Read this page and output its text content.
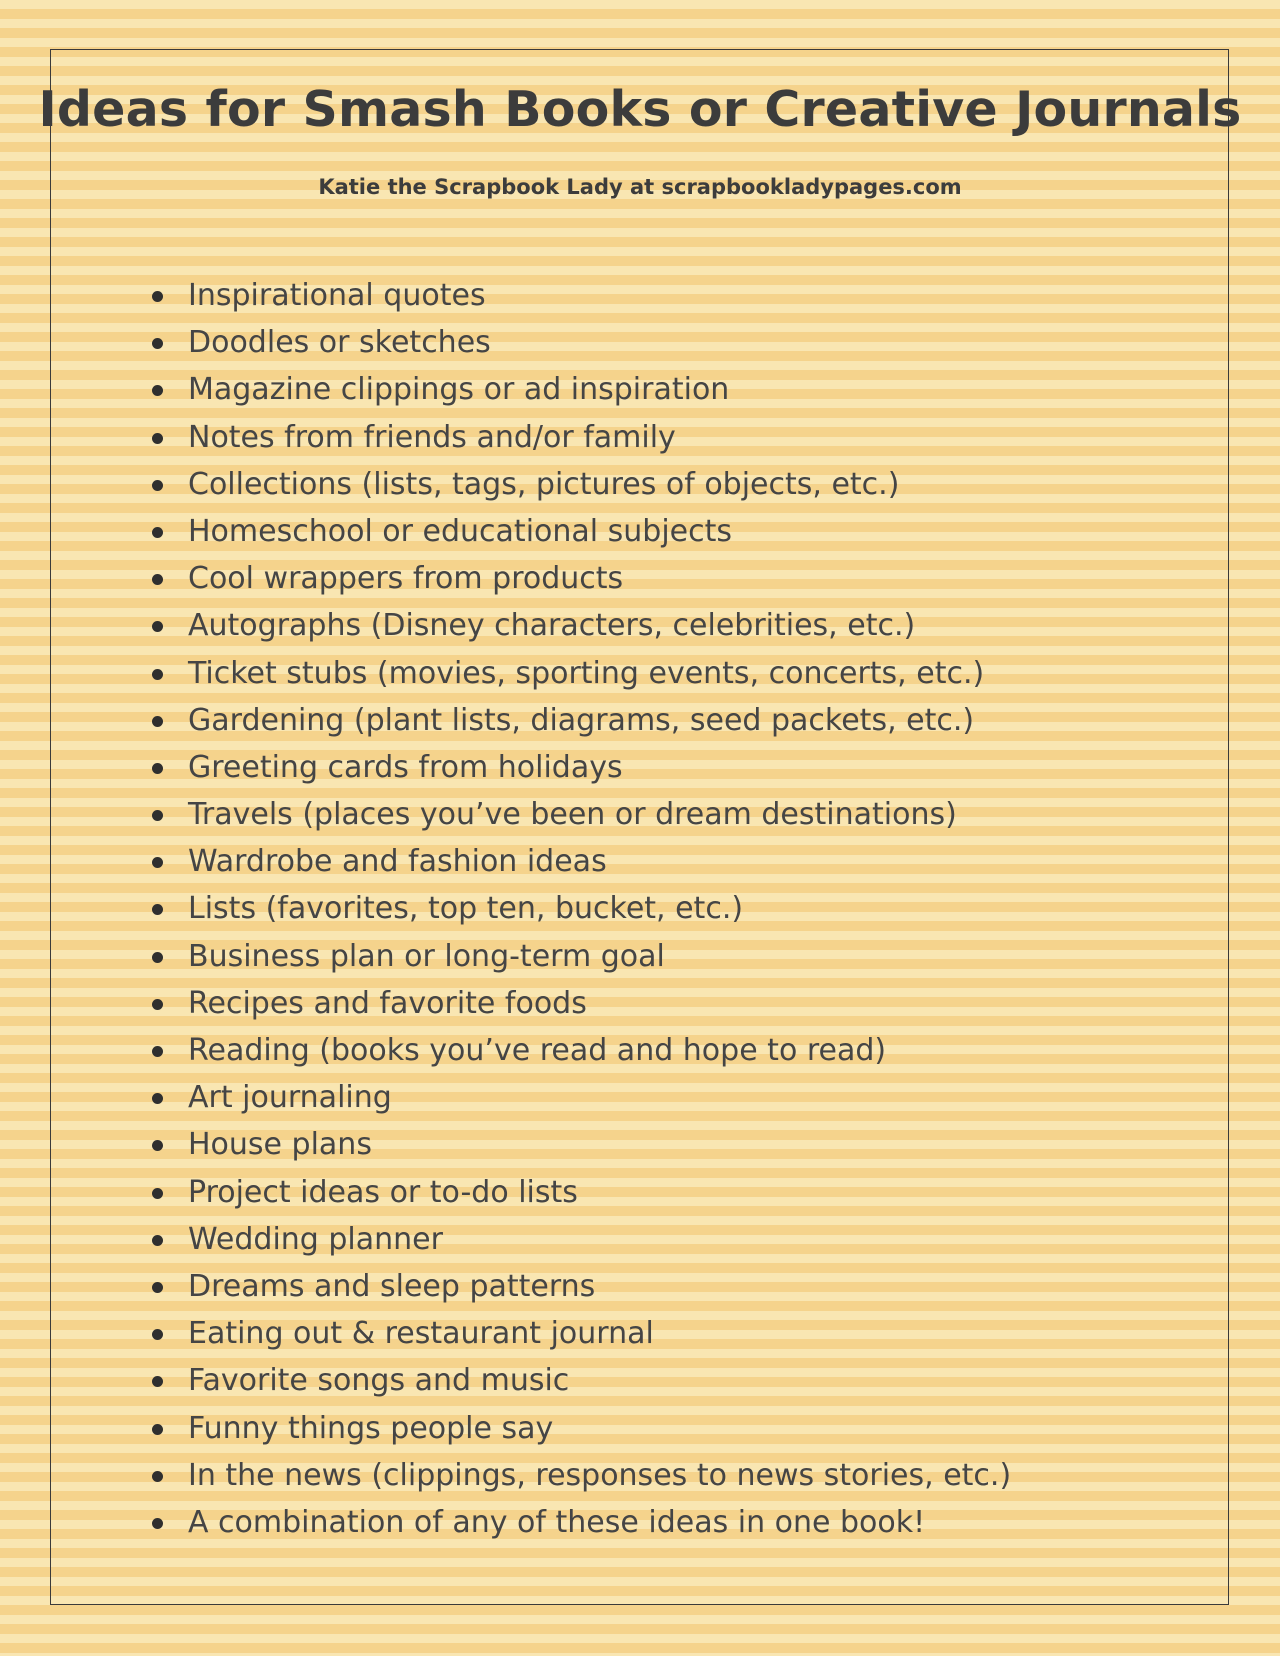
Ideas for Smash Books or Creative Journals

Katie the Scrapbook Lady at scrapbookladypages.com

Inspirational quotes
Doodles or sketches
Magazine clippings or ad inspiration
Notes from friends and/or family
Collections (lists, tags, pictures of objects, etc.)
Homeschool or educational subjects
Cool wrappers from products
Autographs (Disney characters, celebrities, etc.)
Ticket stubs (movies, sporting events, concerts, etc.)
Gardening (plant lists, diagrams, seed packets, etc.)
Greeting cards from holidays
Travels (places you’ve been or dream destinations)
Wardrobe and fashion ideas
Lists (favorites, top ten, bucket, etc.)
Business plan or long-term goal
Recipes and favorite foods
Reading (books you’ve read and hope to read)
Art journaling
House plans
Project ideas or to-do lists
Wedding planner
Dreams and sleep patterns
Eating out & restaurant journal
Favorite songs and music
Funny things people say
In the news (clippings, responses to news stories, etc.)
A combination of any of these ideas in one book!
